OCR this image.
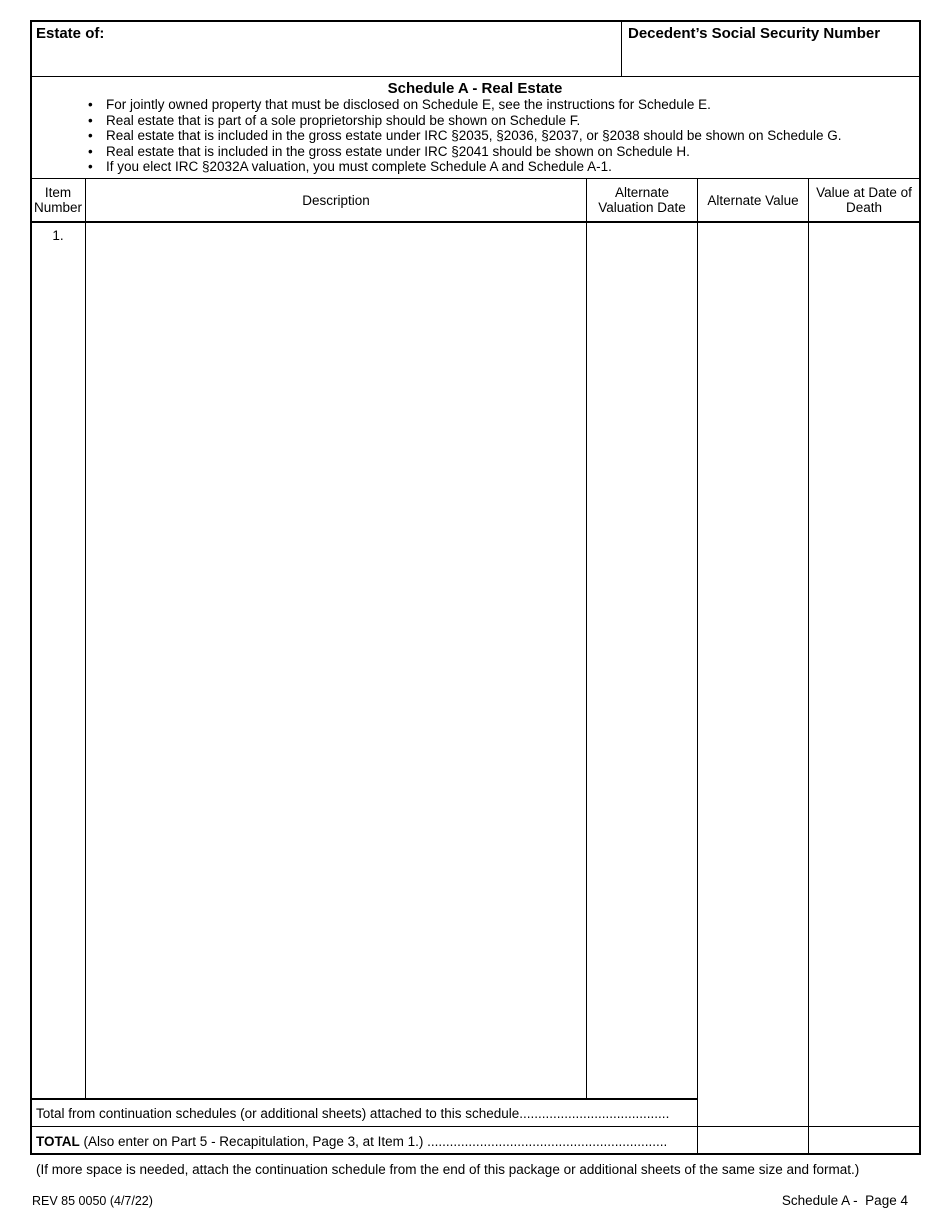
Estate of:	Decedent’s Social Security Number
Schedule A - Real Estate
• For jointly owned property that must be disclosed on Schedule E, see the instructions for Schedule E.
• Real estate that is part of a sole proprietorship should be shown on Schedule F.
• Real estate that is included in the gross estate under IRC §2035, §2036, §2037, or §2038 should be shown on Schedule G.
• Real estate that is included in the gross estate under IRC §2041 should be shown on Schedule H.
• If you elect IRC §2032A valuation, you must complete Schedule A and Schedule A-1.
Item Number	Description	Alternate Valuation Date	Alternate Value	Value at Date of Death
1.
Total from continuation schedules (or additional sheets) attached to this schedule........................................
TOTAL (Also enter on Part 5 - Recapitulation, Page 3, at Item 1.) ................................................................
(If more space is needed, attach the continuation schedule from the end of this package or additional sheets of the same size and format.)
REV 85 0050 (4/7/22)	Schedule A -  Page 4
